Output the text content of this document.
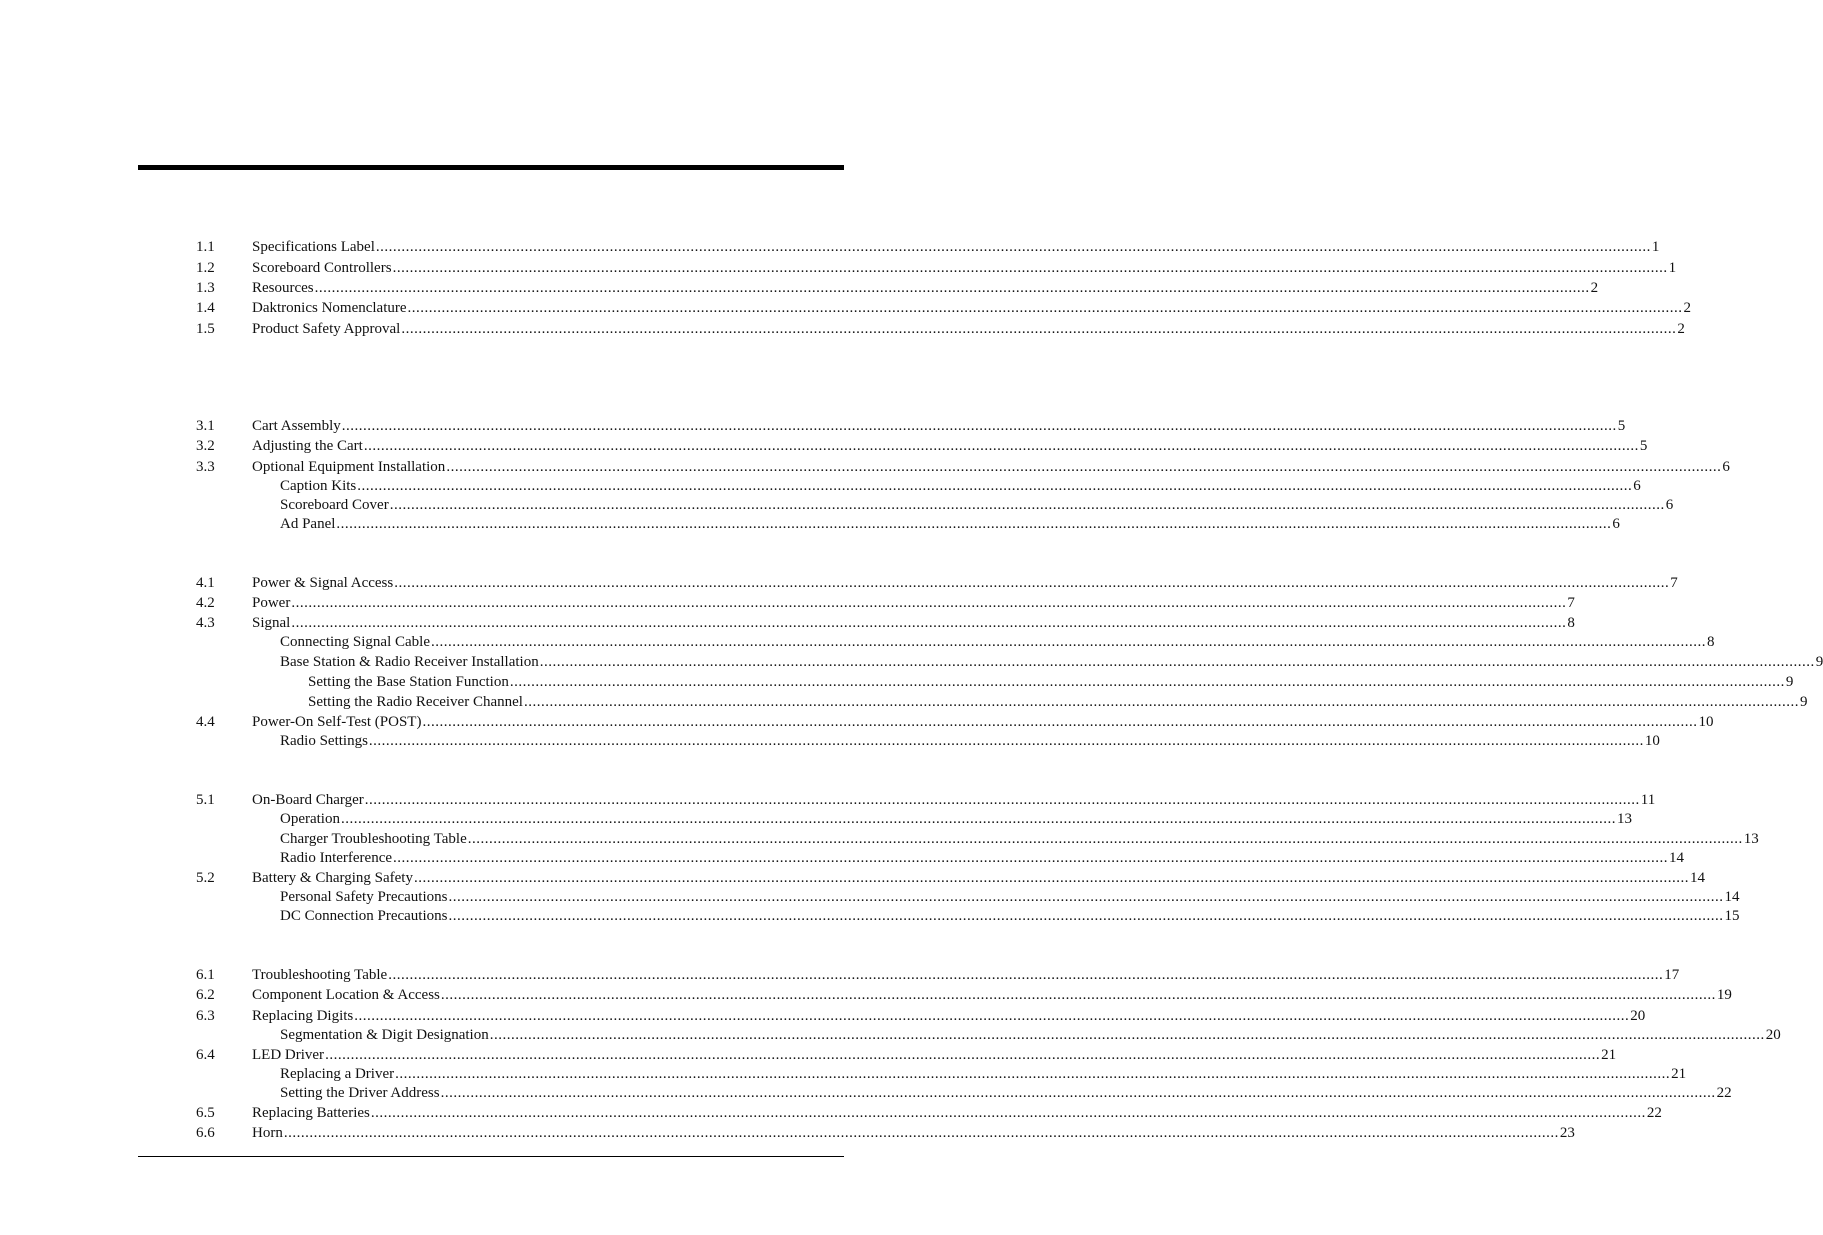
1.1 Specifications Label ............................................................................................................................................................................................................................................................................................................ 1
1.2 Scoreboard Controllers ............................................................................................................................................................................................................................................................................................................ 1
1.3 Resources ............................................................................................................................................................................................................................................................................................................ 2
1.4 Daktronics Nomenclature ............................................................................................................................................................................................................................................................................................................ 2
1.5 Product Safety Approval ............................................................................................................................................................................................................................................................................................................ 2
3.1 Cart Assembly ............................................................................................................................................................................................................................................................................................................ 5
3.2 Adjusting the Cart ............................................................................................................................................................................................................................................................................................................ 5
3.3 Optional Equipment Installation ............................................................................................................................................................................................................................................................................................................ 6
Caption Kits ............................................................................................................................................................................................................................................................................................................ 6
Scoreboard Cover ............................................................................................................................................................................................................................................................................................................ 6
Ad Panel ............................................................................................................................................................................................................................................................................................................ 6
4.1 Power & Signal Access ............................................................................................................................................................................................................................................................................................................ 7
4.2 Power ............................................................................................................................................................................................................................................................................................................ 7
4.3 Signal ............................................................................................................................................................................................................................................................................................................ 8
Connecting Signal Cable ............................................................................................................................................................................................................................................................................................................ 8
Base Station & Radio Receiver Installation ............................................................................................................................................................................................................................................................................................................ 9
Setting the Base Station Function ............................................................................................................................................................................................................................................................................................................ 9
Setting the Radio Receiver Channel ............................................................................................................................................................................................................................................................................................................ 9
4.4 Power-On Self-Test (POST) ............................................................................................................................................................................................................................................................................................................ 10
Radio Settings ............................................................................................................................................................................................................................................................................................................ 10
5.1 On-Board Charger ............................................................................................................................................................................................................................................................................................................ 11
Operation ............................................................................................................................................................................................................................................................................................................ 13
Charger Troubleshooting Table ............................................................................................................................................................................................................................................................................................................ 13
Radio Interference ............................................................................................................................................................................................................................................................................................................ 14
5.2 Battery & Charging Safety ............................................................................................................................................................................................................................................................................................................ 14
Personal Safety Precautions ............................................................................................................................................................................................................................................................................................................ 14
DC Connection Precautions ............................................................................................................................................................................................................................................................................................................ 15
6.1 Troubleshooting Table ............................................................................................................................................................................................................................................................................................................ 17
6.2 Component Location & Access ............................................................................................................................................................................................................................................................................................................ 19
6.3 Replacing Digits ............................................................................................................................................................................................................................................................................................................ 20
Segmentation & Digit Designation ............................................................................................................................................................................................................................................................................................................ 20
6.4 LED Driver ............................................................................................................................................................................................................................................................................................................ 21
Replacing a Driver ............................................................................................................................................................................................................................................................................................................ 21
Setting the Driver Address ............................................................................................................................................................................................................................................................................................................ 22
6.5 Replacing Batteries ............................................................................................................................................................................................................................................................................................................ 22
6.6 Horn ............................................................................................................................................................................................................................................................................................................ 23
